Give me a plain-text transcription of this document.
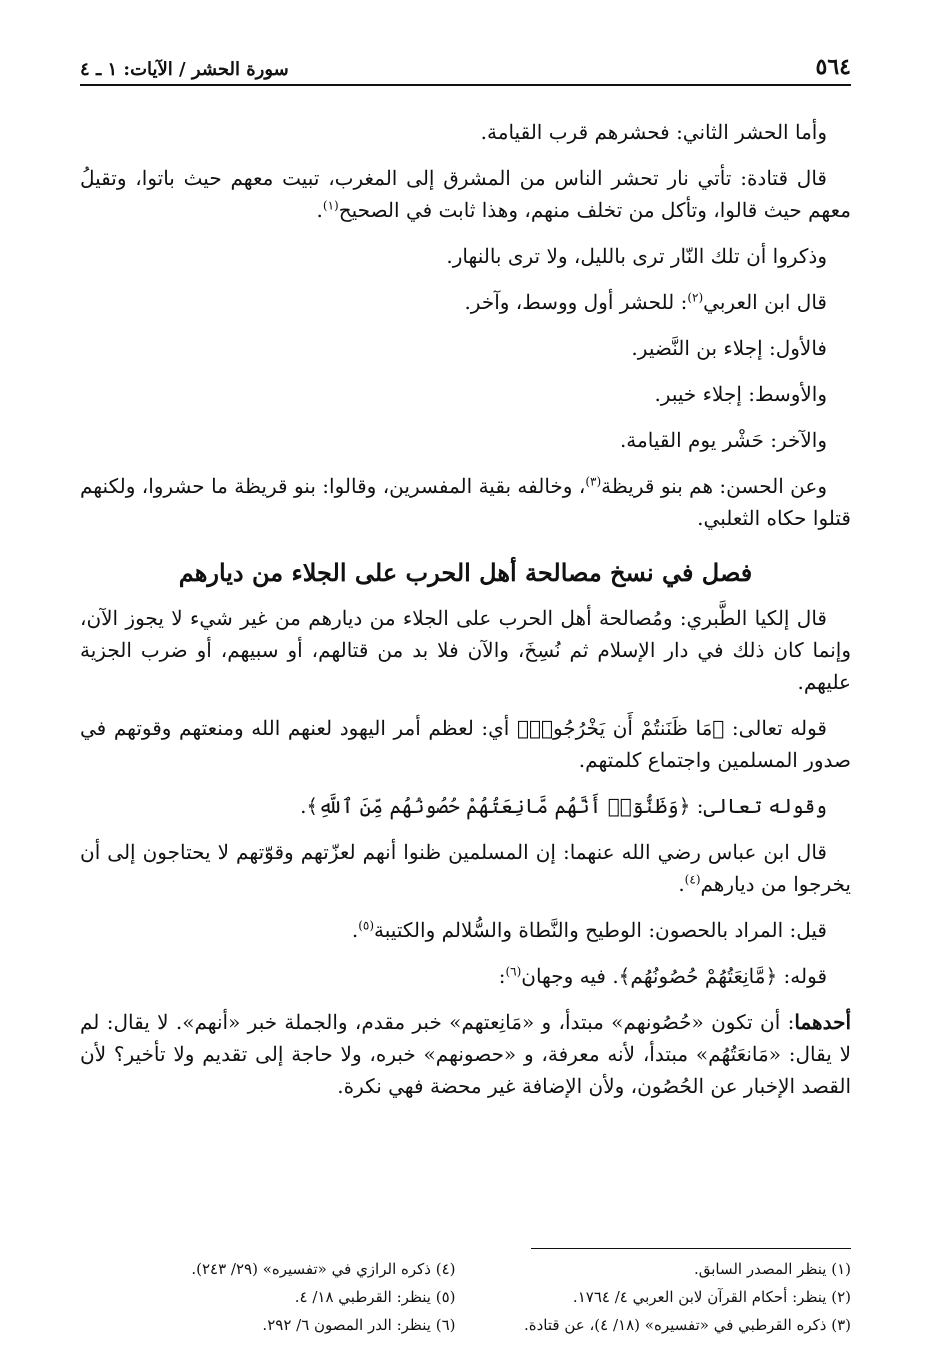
٥٦٤
سورة الحشر / الآيات: ١ ـ ٤

وأما الحشر الثاني: فحشرهم قرب القيامة.

قال قتادة: تأتي نار تحشر الناس من المشرق إلى المغرب، تبيت معهم حيث باتوا، وتقيلُ معهم حيث قالوا، وتأكل من تخلف منهم، وهذا ثابت في الصحيح$^{(١)}$.

وذكروا أن تلك النّار ترى بالليل، ولا ترى بالنهار.

قال ابن العربي$^{(٢)}$: للحشر أول ووسط، وآخر.

فالأول: إجلاء بن النَّضير.

والأوسط: إجلاء خيبر.

والآخر: حَشْر يوم القيامة.

وعن الحسن: هم بنو قريظة$^{(٣)}$، وخالفه بقية المفسرين، وقالوا: بنو قريظة ما حشروا، ولكنهم قتلوا حكاه الثعلبي.

فصل في نسخ مصالحة أهل الحرب على الجلاء من ديارهم

قال إلكيا الطَّبري: ومُصالحة أهل الحرب على الجلاء من ديارهم من غير شيء لا يجوز الآن، وإنما كان ذلك في دار الإسلام ثم نُسِخَ، والآن فلا بد من قتالهم، أو سبيهم، أو ضرب الجزية عليهم.

قوله تعالى: ﴿مَا ظَنَنتُمْ أَن يَخْرُجُوا۟﴾ أي: لعظم أمر اليهود لعنهم الله ومنعتهم وقوتهم في صدور المسلمين واجتماع كلمتهم.

وقوله تعالى: ﴿وَظَنُّوٓا۟ أَنَّهُم مَّانِعَتُهُمْ حُصُونُهُم مِّنَ ٱللَّهِ﴾.

قال ابن عباس رضي الله عنهما: إن المسلمين ظنوا أنهم لعزّتهم وقوّتهم لا يحتاجون إلى أن يخرجوا من ديارهم$^{(٤)}$.

قيل: المراد بالحصون: الوطيح والنَّطاة والسُّلالم والكتيبة$^{(٥)}$.

قوله: ﴿مَّانِعَتُهُمْ حُصُونُهُم﴾. فيه وجهان$^{(٦)}$:

أحدهما: أن تكون «حُصُونهم» مبتدأ، و «مَانِعتهم» خبر مقدم، والجملة خبر «أنهم». لا يقال: لم لا يقال: «مَانعَتُهُم» مبتدأ، لأنه معرفة، و «حصونهم» خبره، ولا حاجة إلى تقديم ولا تأخير؟ لأن القصد الإخبار عن الحُصُون، ولأن الإضافة غير محضة فهي نكرة.

(١) ينظر المصدر السابق.
(٤) ذكره الرازي في «تفسيره» (٢٩/ ٢٤٣).
(٢) ينظر: أحكام القرآن لابن العربي ٤/ ١٧٦٤.
(٥) ينظر: القرطبي ١٨/ ٤.
(٣) ذكره القرطبي في «تفسيره» (١٨/ ٤)، عن قتادة.
(٦) ينظر: الدر المصون ٦/ ٢٩٢.
